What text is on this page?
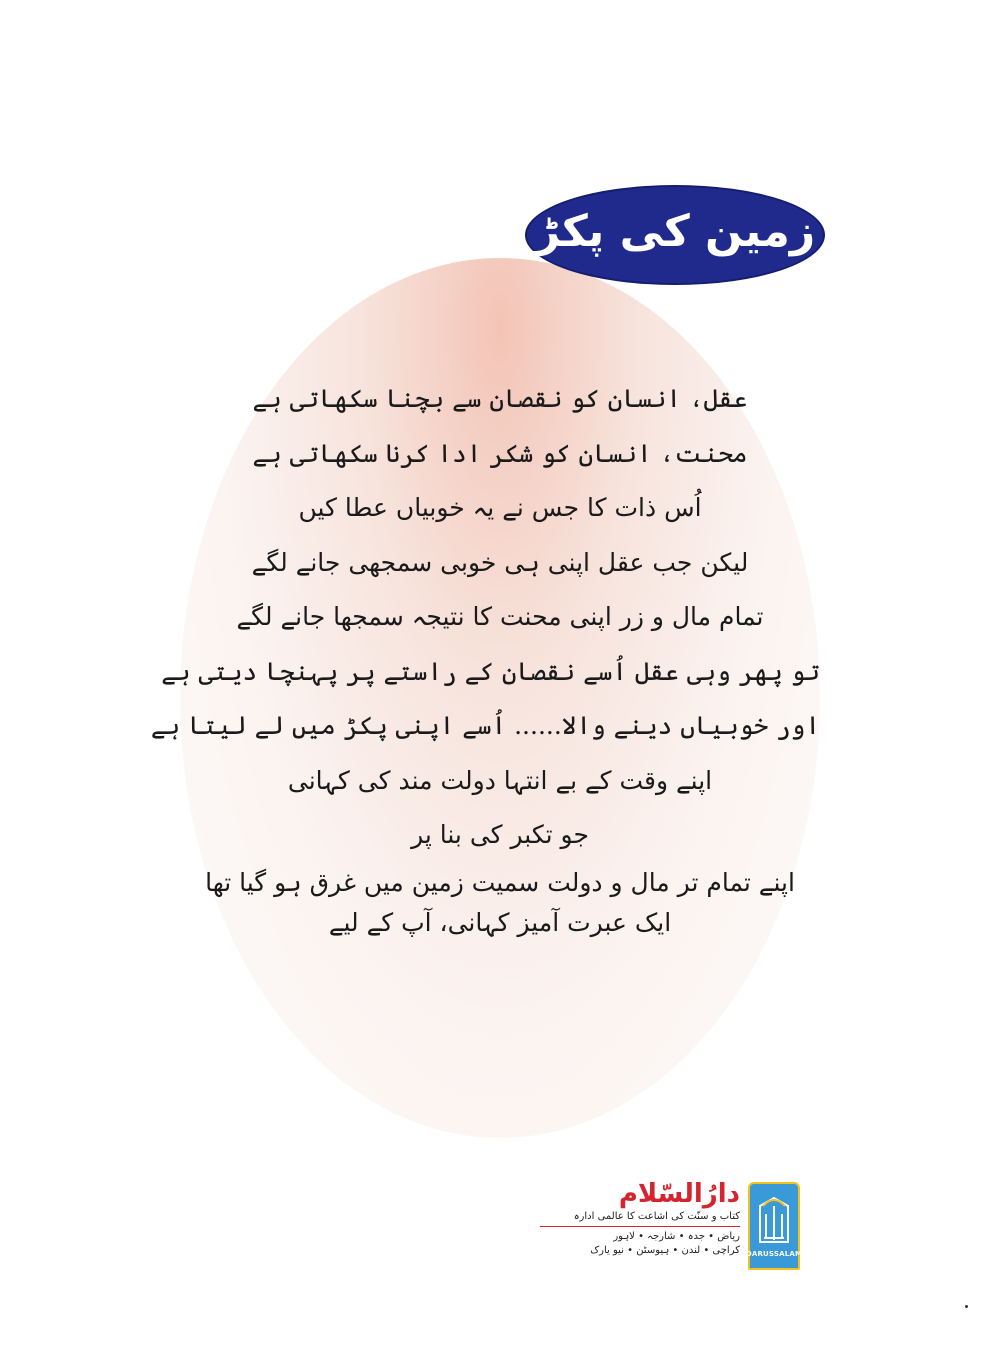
زمین کی پکڑ
عقل، انسان کو نقصان سے بچنا سکھاتی ہے
محنت، انسان کو شکر ادا کرنا سکھاتی ہے
اُس ذات کا جس نے یہ خوبیاں عطا کیں
لیکن جب عقل اپنی ہی خوبی سمجھی جانے لگے
تمام مال و زر اپنی محنت کا نتیجہ سمجھا جانے لگے
تو پھر وہی عقل اُسے نقصان کے راستے پر پہنچا دیتی ہے
اور خوبیاں دینے والا...... اُسے اپنی پکڑ میں لے لیتا ہے
اپنے وقت کے بے انتہا دولت مند کی کہانی
جو تکبر کی بنا پر
اپنے تمام تر مال و دولت سمیت زمین میں غرق ہو گیا تھا
ایک عبرت آمیز کہانی، آپ کے لیے
دارُالسّلام
کتاب و سنّت کی اشاعت کا عالمی ادارہ
ریاض • جدہ • شارجہ • لاہور
کراچی • لندن • ہیوسٹن • نیو یارک DARUSSALAM
